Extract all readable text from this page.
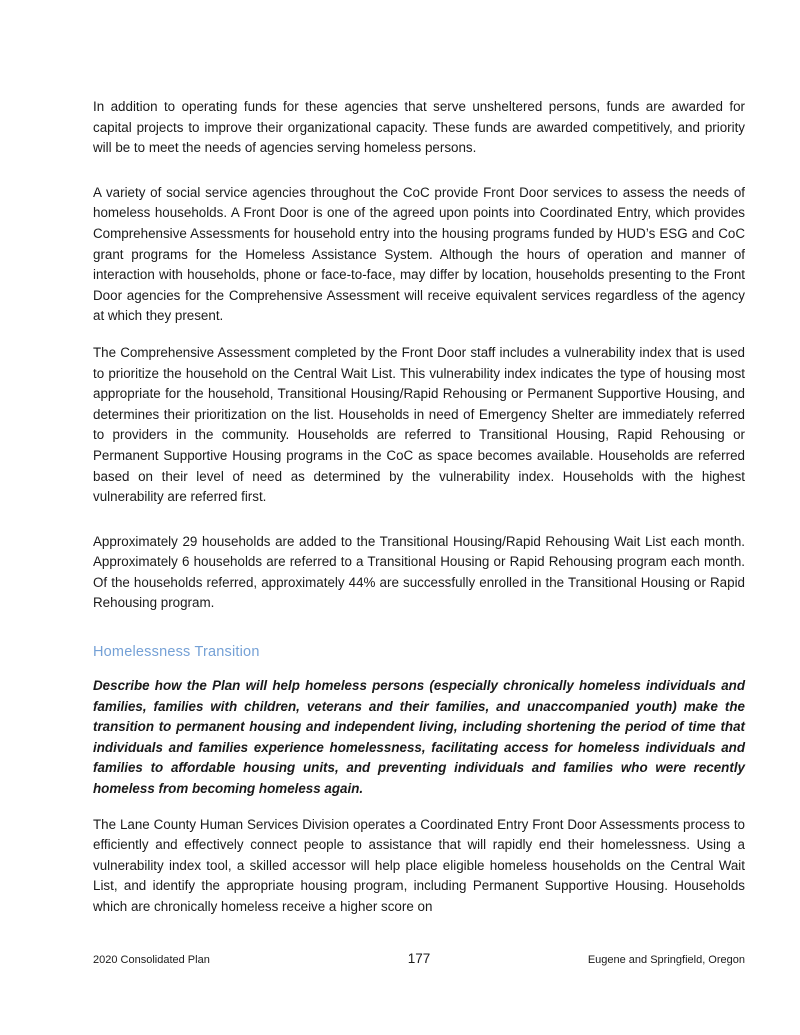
In addition to operating funds for these agencies that serve unsheltered persons, funds are awarded for capital projects to improve their organizational capacity. These funds are awarded competitively, and priority will be to meet the needs of agencies serving homeless persons.

A variety of social service agencies throughout the CoC provide Front Door services to assess the needs of homeless households. A Front Door is one of the agreed upon points into Coordinated Entry, which provides Comprehensive Assessments for household entry into the housing programs funded by HUD’s ESG and CoC grant programs for the Homeless Assistance System. Although the hours of operation and manner of interaction with households, phone or face-to-face, may differ by location, households presenting to the Front Door agencies for the Comprehensive Assessment will receive equivalent services regardless of the agency at which they present.

The Comprehensive Assessment completed by the Front Door staff includes a vulnerability index that is used to prioritize the household on the Central Wait List. This vulnerability index indicates the type of housing most appropriate for the household, Transitional Housing/Rapid Rehousing or Permanent Supportive Housing, and determines their prioritization on the list. Households in need of Emergency Shelter are immediately referred to providers in the community. Households are referred to Transitional Housing, Rapid Rehousing or Permanent Supportive Housing programs in the CoC as space becomes available. Households are referred based on their level of need as determined by the vulnerability index. Households with the highest vulnerability are referred first.

Approximately 29 households are added to the Transitional Housing/Rapid Rehousing Wait List each month. Approximately 6 households are referred to a Transitional Housing or Rapid Rehousing program each month. Of the households referred, approximately 44% are successfully enrolled in the Transitional Housing or Rapid Rehousing program.

Homelessness Transition

Describe how the Plan will help homeless persons (especially chronically homeless individuals and families, families with children, veterans and their families, and unaccompanied youth) make the transition to permanent housing and independent living, including shortening the period of time that individuals and families experience homelessness, facilitating access for homeless individuals and families to affordable housing units, and preventing individuals and families who were recently homeless from becoming homeless again.

The Lane County Human Services Division operates a Coordinated Entry Front Door Assessments process to efficiently and effectively connect people to assistance that will rapidly end their homelessness. Using a vulnerability index tool, a skilled accessor will help place eligible homeless households on the Central Wait List, and identify the appropriate housing program, including Permanent Supportive Housing. Households which are chronically homeless receive a higher score on

2020 Consolidated Plan	177	Eugene and Springfield, Oregon
